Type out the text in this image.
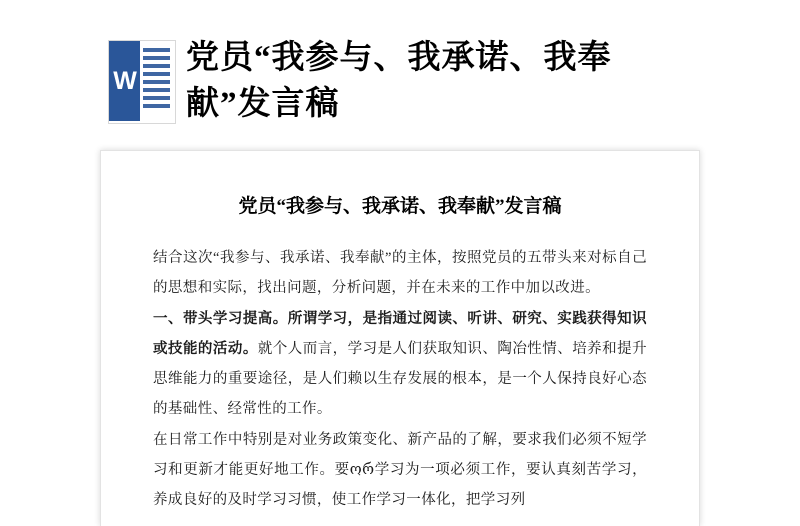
W
党员“我参与、我承诺、我奉献”发言稿
党员“我参与、我承诺、我奉献”发言稿

结合这次“我参与、我承诺、我奉献”的主体，按照党员的五带头来对标自己的思想和实际，找出问题，分析问题，并在未来的工作中加以改进。

一、带头学习提高。所谓学习，是指通过阅读、听讲、研究、实践获得知识或技能的活动。就个人而言，学习是人们获取知识、陶冶性情、培养和提升思维能力的重要途径，是人们赖以生存发展的根本，是一个人保持良好心态的基础性、经常性的工作。

在日常工作中特别是对业务政策变化、新产品的了解，要求我们必须不短学习和更新才能更好地工作。要ორ学习为一项必须工作，要认真刻苦学习，养成良好的及时学习习惯，使工作学习一体化，把学习列
